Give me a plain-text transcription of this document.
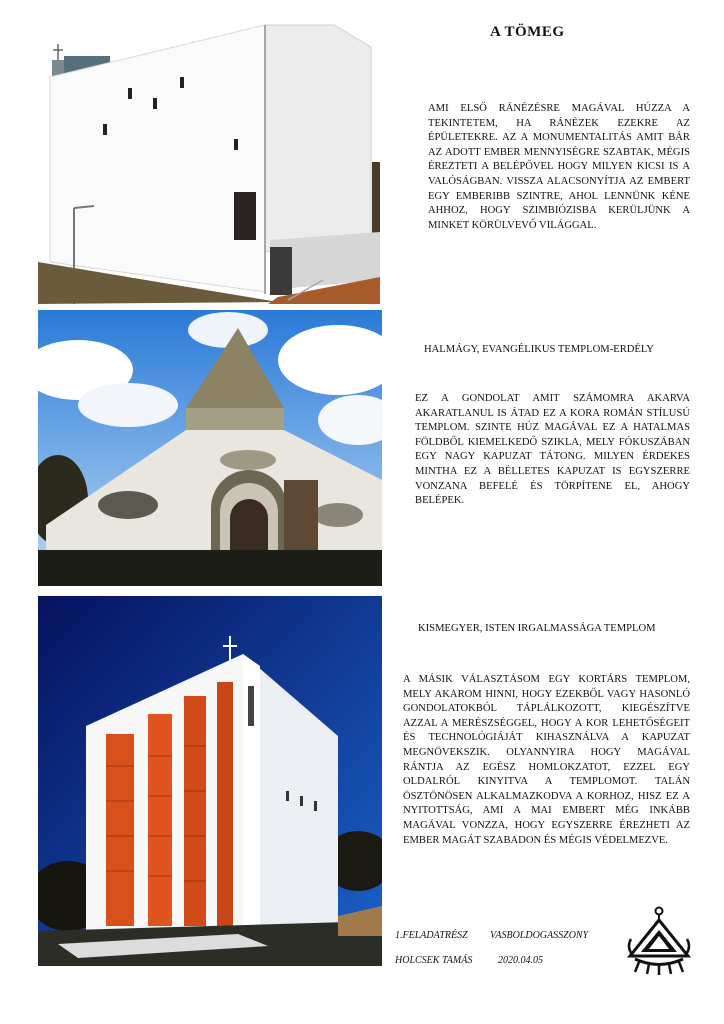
A TÖMEG

AMI ELSŐ RÁNÉZÉSRE MAGÁVAL HÚZZA A TEKINTETEM, HA RÁNÉZEK EZEKRE AZ ÉPÜLETEKRE. AZ A MONUMENTALITÁS AMIT BÁR AZ ADOTT EMBER MENNYISÉGRE SZABTAK, MÉGIS ÉREZTETI A BELÉPŐVEL HOGY MILYEN KICSI IS A VALÓSÁGBAN. VISSZA ALACSONYÍTJA AZ EMBERT EGY EMBERIBB SZINTRE, AHOL LENNÜNK KÉNE AHHOZ, HOGY SZIMBIÓZISBA KERÜLJÜNK A MINKET KÖRÜLVEVŐ VILÁGGAL.

HALMÁGY, EVANGÉLIKUS TEMPLOM-ERDÉLY

EZ A GONDOLAT AMIT SZÁMOMRA AKARVA AKARATLANUL IS ÁTAD EZ A KORA ROMÁN STÍLUSÚ TEMPLOM. SZINTE HÚZ MAGÁVAL EZ A HATALMAS FÖLDBŐL KIEMELKEDŐ SZIKLA, MELY FÓKUSZÁBAN EGY NAGY KAPUZAT TÁTONG. MILYEN ÉRDEKES MINTHA EZ A BÉLLETES KAPUZAT IS EGYSZERRE VONZANA BEFELÉ ÉS TÖRPÍTENE EL, AHOGY BELÉPEK.

KISMEGYER, ISTEN IRGALMASSÁGA TEMPLOM

A MÁSIK VÁLASZTÁSOM EGY KORTÁRS TEMPLOM, MELY AKAROM HINNI, HOGY EZEKBŐL VAGY HASONLÓ GONDOLATOKBÓL TÁPLÁLKOZOTT, KIEGÉSZÍTVE AZZAL A MERÉSZSÉGGEL, HOGY A KOR LEHETŐSÉGEIT ÉS TECHNOLÓGIÁJÁT KIHASZNÁLVA A KAPUZAT MEGNÖVEKSZIK. OLYANNYIRA HOGY MAGÁVAL RÁNTJA AZ EGÉSZ HOMLOKZATOT, EZZEL EGY OLDALRÓL KINYITVA A TEMPLOMOT. TALÁN ÖSZTÖNÖSEN ALKALMAZKODVA A KORHOZ, HISZ EZ A NYITOTTSÁG, AMI A MAI EMBERT MÉG INKÁBB MAGÁVAL VONZZA, HOGY EGYSZERRE ÉREZHETI AZ EMBER MAGÁT SZABADON ÉS MÉGIS VÉDELMEZVE.

1.FELADATRÉSZ VASBOLDOGASSZONY
HOLCSEK TAMÁS	2020.04.05
